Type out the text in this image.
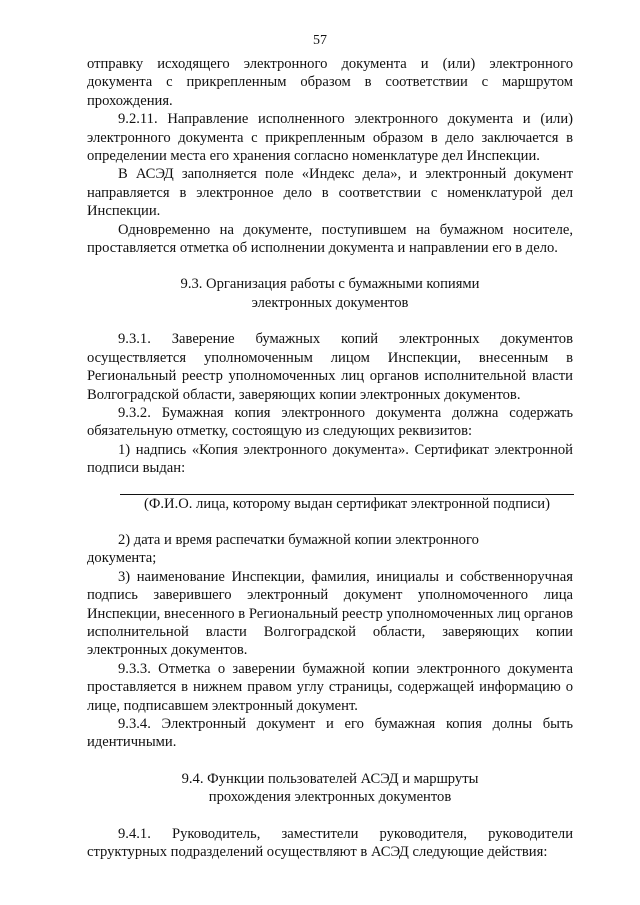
57

отправку исходящего электронного документа и (или) электронного документа с прикрепленным образом в соответствии с маршрутом прохождения.

9.2.11. Направление исполненного электронного документа и (или) электронного документа с прикрепленным образом в дело заключается в определении места его хранения согласно номенклатуре дел Инспекции.

В АСЭД заполняется поле «Индекс дела», и электронный документ направляется в электронное дело в соответствии с номенклатурой дел Инспекции.

Одновременно на документе, поступившем на бумажном носителе, проставляется отметка об исполнении документа и направлении его в дело.

9.3. Организация работы с бумажными копиями

электронных документов

9.3.1. Заверение бумажных копий электронных документов осуществляется уполномоченным лицом Инспекции, внесенным в Региональный реестр уполномоченных лиц органов исполнительной власти Волгоградской области, заверяющих копии электронных документов.

9.3.2. Бумажная копия электронного документа должна содержать обязательную отметку, состоящую из следующих реквизитов:

1) надпись «Копия электронного документа». Сертификат электронной подписи выдан:

(Ф.И.О. лица, которому выдан сертификат электронной подписи)

2) дата и время распечатки бумажной копии электронного

документа;

3) наименование Инспекции, фамилия, инициалы и собственноручная подпись заверившего электронный документ уполномоченного лица Инспекции, внесенного в Региональный реестр уполномоченных лиц органов исполнительной власти Волгоградской области, заверяющих копии электронных документов.

9.3.3. Отметка о заверении бумажной копии электронного документа проставляется в нижнем правом углу страницы, содержащей информацию о лице, подписавшем электронный документ.

9.3.4. Электронный документ и его бумажная копия долны быть идентичными.

9.4. Функции пользователей АСЭД и маршруты

прохождения электронных документов

9.4.1. Руководитель, заместители руководителя, руководители структурных подразделений осуществляют в АСЭД следующие действия:
